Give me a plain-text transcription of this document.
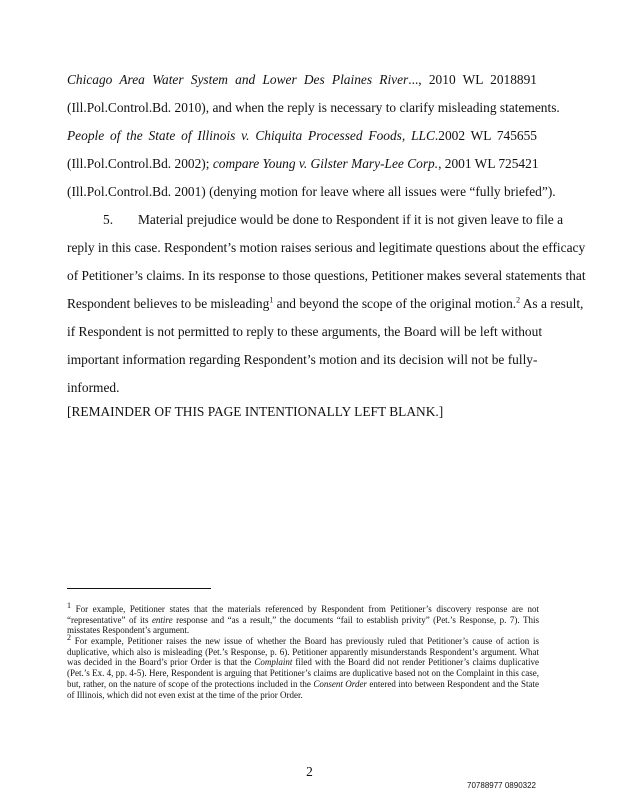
Chicago Area Water System and Lower Des Plaines River..., 2010 WL 2018891
(Ill.Pol.Control.Bd. 2010), and when the reply is necessary to clarify misleading statements.
People of the State of Illinois v. Chiquita Processed Foods, LLC.2002 WL 745655
(Ill.Pol.Control.Bd. 2002); compare Young v. Gilster Mary-Lee Corp., 2001 WL 725421
(Ill.Pol.Control.Bd. 2001) (denying motion for leave where all issues were “fully briefed”).
5. Material prejudice would be done to Respondent if it is not given leave to file a
reply in this case. Respondent’s motion raises serious and legitimate questions about the efficacy
of Petitioner’s claims. In its response to those questions, Petitioner makes several statements that
Respondent believes to be misleading$^1$ and beyond the scope of the original motion.$^2$ As a result,
if Respondent is not permitted to reply to these arguments, the Board will be left without
important information regarding Respondent’s motion and its decision will not be fully-
informed.
[REMAINDER OF THIS PAGE INTENTIONALLY LEFT BLANK.]

$^1$ For example, Petitioner states that the materials referenced by Respondent from Petitioner’s discovery response are not “representative” of its entire response and “as a result,” the documents “fail to establish privity” (Pet.’s Response, p. 7). This misstates Respondent’s argument.

$^2$ For example, Petitioner raises the new issue of whether the Board has previously ruled that Petitioner’s cause of action is duplicative, which also is misleading (Pet.’s Response, p. 6). Petitioner apparently misunderstands Respondent’s argument. What was decided in the Board’s prior Order is that the Complaint filed with the Board did not render Petitioner’s claims duplicative (Pet.’s Ex. 4, pp. 4-5). Here, Respondent is arguing that Petitioner’s claims are duplicative based not on the Complaint in this case, but, rather, on the nature of scope of the protections included in the Consent Order entered into between Respondent and the State of Illinois, which did not even exist at the time of the prior Order.

2
70788977 0890322
